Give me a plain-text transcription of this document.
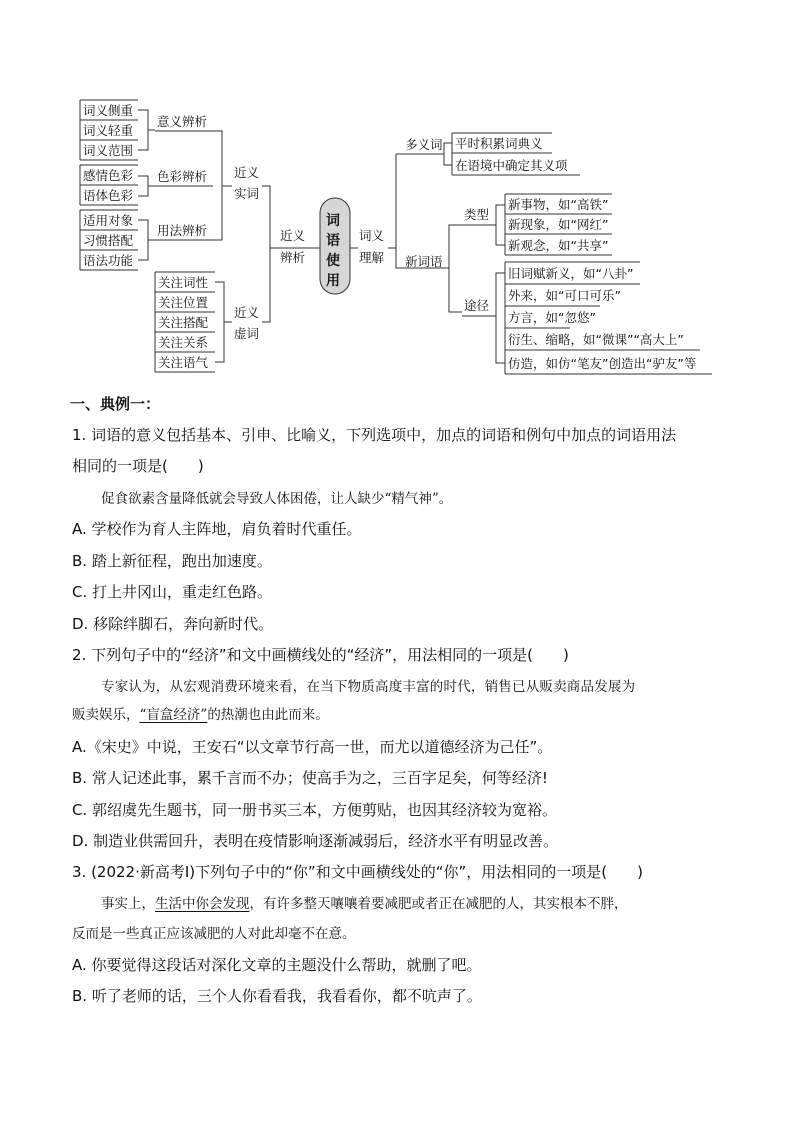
词义侧重
词义轻重
词义范围
意义辨析
感情色彩
语体色彩
色彩辨析
适用对象
习惯搭配
语法功能
用法辨析
近义
实词
关注词性
关注位置
关注搭配
关注关系
关注语气
近义
虚词
近义
辨析
词
语
使
用
词义
理解
多义词 平时积累词典义
在语境中确定其义项
新词语
类型
新事物，如“高铁”
新现象，如“网红”
新观念，如“共享”
途径
旧词赋新义，如“八卦”
外来，如“可口可乐”
方言，如“忽悠”
衍生、缩略，如“微课”“高大上”
仿造，如仿“笔友”创造出“驴友”等
一、典例一：
1. 词语的意义包括基本、引申、比喻义，下列选项中，加点的词语和例句中加点的词语用法
相同的一项是(　　)
促食欲素含量降低就会导致人体困倦，让人缺少“精气神”。
A. 学校作为育人主阵地，肩负着时代重任。
B. 踏上新征程，跑出加速度。
C. 打上井冈山，重走红色路。
D. 移除绊脚石，奔向新时代。
2. 下列句子中的“经济”和文中画横线处的“经济”，用法相同的一项是(　　)
专家认为，从宏观消费环境来看，在当下物质高度丰富的时代，销售已从贩卖商品发展为
贩卖娱乐，“盲盒经济”的热潮也由此而来。
A.《宋史》中说，王安石“以文章节行高一世，而尤以道德经济为己任”。
B. 常人记述此事，累千言而不办；使高手为之，三百字足矣，何等经济!
C. 郭绍虞先生题书，同一册书买三本，方便剪贴，也因其经济较为宽裕。
D. 制造业供需回升，表明在疫情影响逐渐减弱后，经济水平有明显改善。
3. (2022·新高考Ⅰ)下列句子中的“你”和文中画横线处的“你”，用法相同的一项是(　　)
事实上，生活中你会发现，有许多整天嚷嚷着要减肥或者正在减肥的人，其实根本不胖，
反而是一些真正应该减肥的人对此却毫不在意。
A. 你要觉得这段话对深化文章的主题没什么帮助，就删了吧。
B. 听了老师的话，三个人你看看我，我看看你，都不吭声了。
